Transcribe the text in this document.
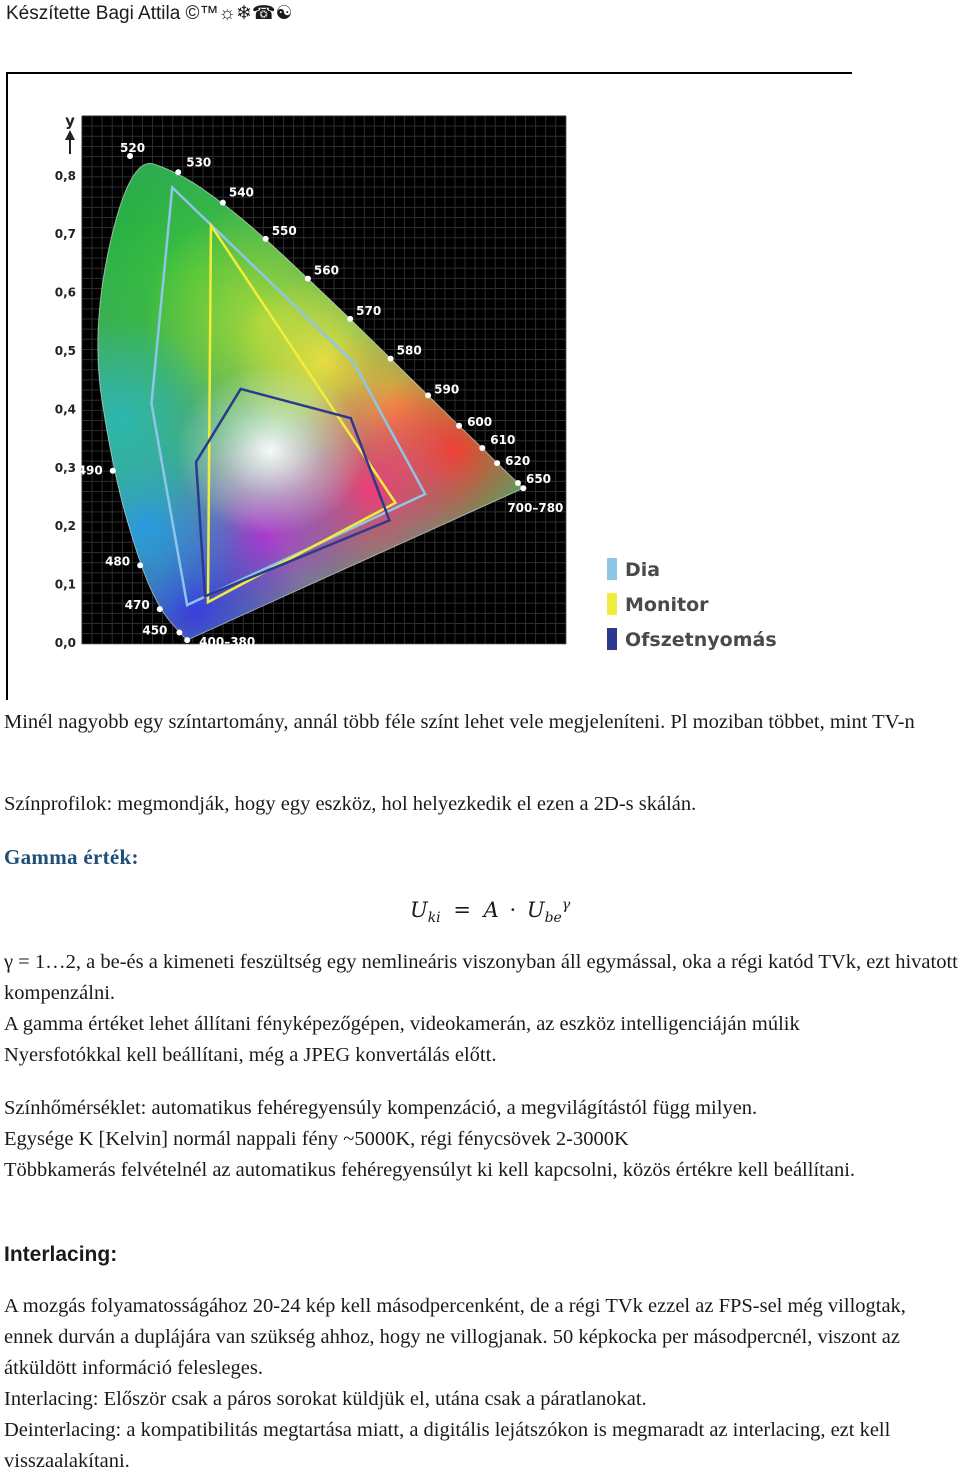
Készítette Bagi Attila ©™☼❄☎☯
400–380
450
470
480
490
520
530
540
550
560
570
580
590
600
610
620
650
700–780
0,0	0,1	0,2	0,3	0,4	0,5	0,6
0,0
0,1
0,2
0,3
0,4
0,5
0,6
0,7
0,8
y
Dia
Monitor
Ofszetnyomás

Minél nagyobb egy színtartomány, annál több féle színt lehet vele megjeleníteni. Pl moziban többet, mint TV-n

Színprofilok: megmondják, hogy egy eszköz, hol helyezkedik el ezen a 2D-s skálán.

Gamma érték:

$U_{ki} = A \cdot U_{be}^\gamma$

γ = 1…2, a be-és a kimeneti feszültség egy nemlineáris viszonyban áll egymással, oka a régi katód TVk, ezt hivatott kompenzálni.

A gamma értéket lehet állítani fényképezőgépen, videokamerán, az eszköz intelligenciáján múlik

Nyersfotókkal kell beállítani, még a JPEG konvertálás előtt.

Színhőmérséklet: automatikus fehéregyensúly kompenzáció, a megvilágítástól függ milyen.

Egysége K [Kelvin] normál nappali fény ~5000K, régi fénycsövek 2-3000K

Többkamerás felvételnél az automatikus fehéregyensúlyt ki kell kapcsolni, közös értékre kell beállítani.

Interlacing:

A mozgás folyamatosságához 20-24 kép kell másodpercenként, de a régi TVk ezzel az FPS-sel még villogtak, ennek durván a duplájára van szükség ahhoz, hogy ne villogjanak. 50 képkocka per másodpercnél, viszont az átküldött információ felesleges.

Interlacing: Először csak a páros sorokat küldjük el, utána csak a páratlanokat.

Deinterlacing: a kompatibilitás megtartása miatt, a digitális lejátszókon is megmaradt az interlacing, ezt kell visszaalakítani.
